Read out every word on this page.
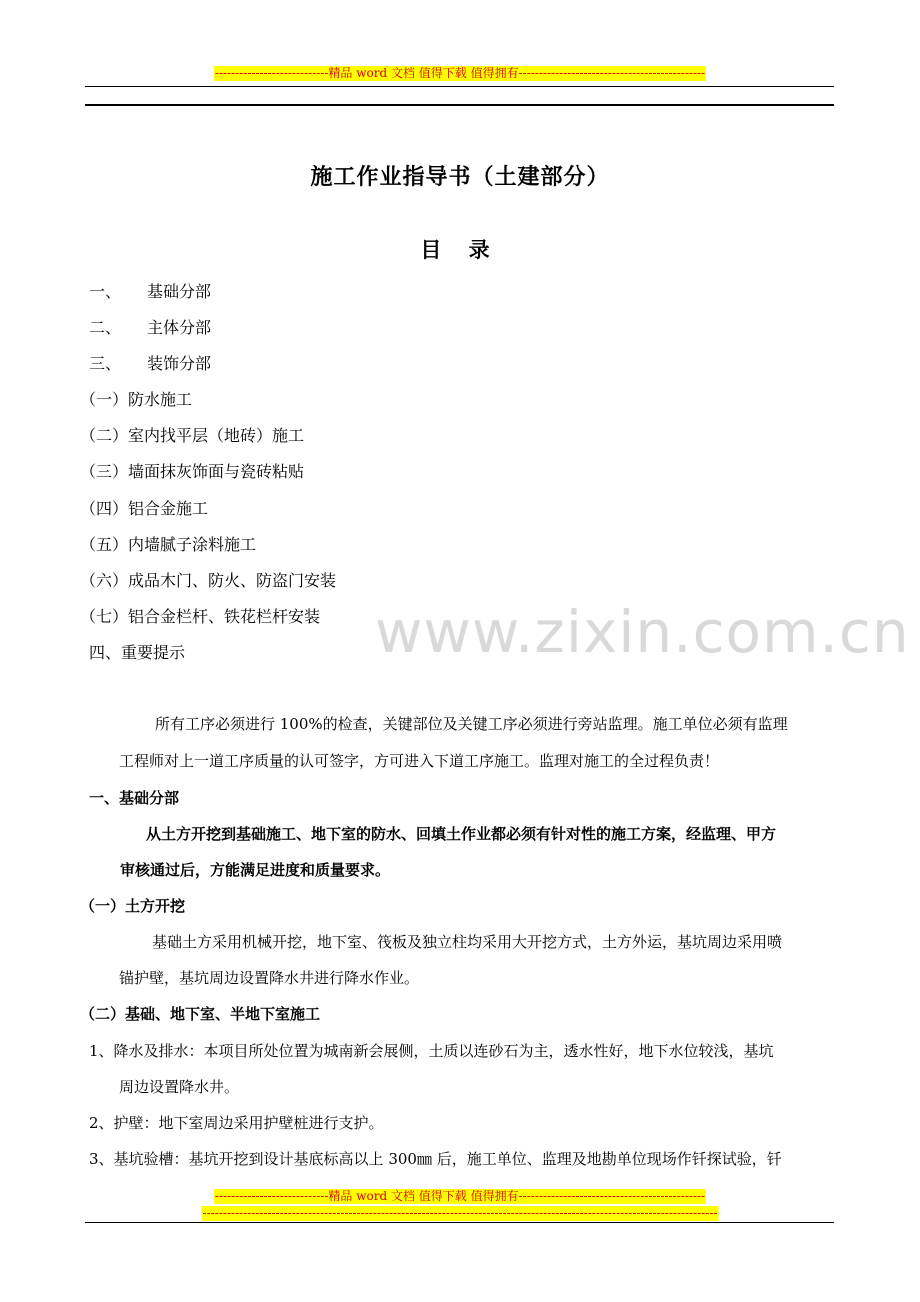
----------------------------精品 word 文档 值得下载 值得拥有----------------------------------------------
施工作业指导书（土建部分）
目 录
一、 基础分部
二、 主体分部
三、 装饰分部
（一）防水施工
（二）室内找平层（地砖）施工
（三）墙面抹灰饰面与瓷砖粘贴
（四）铝合金施工
（五）内墙腻子涂料施工
（六）成品木门、防火、防盗门安装
（七）铝合金栏杆、铁花栏杆安装
四、重要提示	www.zixin.com.cn
所有工序必须进行 100%的检查，关键部位及关键工序必须进行旁站监理。施工单位必须有监理
工程师对上一道工序质量的认可签字，方可进入下道工序施工。监理对施工的全过程负责！
一、基础分部
从土方开挖到基础施工、地下室的防水、回填土作业都必须有针对性的施工方案，经监理、甲方
审核通过后，方能满足进度和质量要求。
（一）土方开挖
基础土方采用机械开挖，地下室、筏板及独立柱均采用大开挖方式，土方外运，基坑周边采用喷
锚护壁，基坑周边设置降水井进行降水作业。
（二）基础、地下室、半地下室施工
1、降水及排水：本项目所处位置为城南新会展侧，土质以连砂石为主，透水性好，地下水位较浅，基坑
周边设置降水井。
2、护壁：地下室周边采用护壁桩进行支护。
3、基坑验槽：基坑开挖到设计基底标高以上 300㎜ 后，施工单位、监理及地勘单位现场作钎探试验，钎
----------------------------精品 word 文档 值得下载 值得拥有----------------------------------------------
-------------------------------------------------------------------------------------------------------------------------------
